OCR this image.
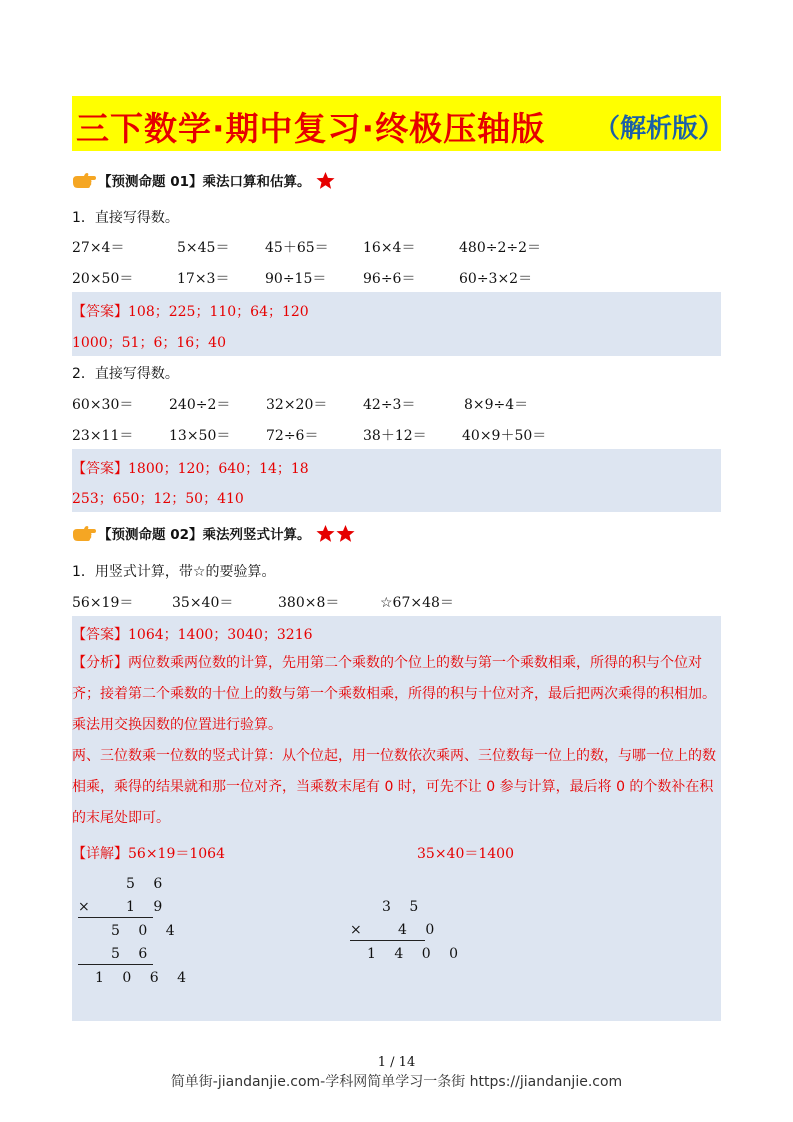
三下数学·期中复习·终极压轴版 （解析版）
【预测命题 01】乘法口算和估算。
1．直接写得数。
27×4＝	5×45＝	45＋65＝ 16×4＝	480÷2÷2＝
20×50＝	17×3＝	90÷15＝	96÷6＝	60÷3×2＝
【答案】108；225；110；64；120
1000；51；6；16；40
2．直接写得数。
60×30＝	240÷2＝	32×20＝	42÷3＝	8×9÷4＝
23×11＝	13×50＝	72÷6＝	38＋12＝	40×9＋50＝
【答案】1800；120；640；14；18
253；650；12；50；410
【预测命题 02】乘法列竖式计算。
1．用竖式计算，带☆的要验算。
56×19＝	35×40＝	380×8＝	☆67×48＝
【答案】1064；1400；3040；3216
【分析】两位数乘两位数的计算，先用第二个乘数的个位上的数与第一个乘数相乘，所得的积与个位对齐；接着第二个乘数的十位上的数与第一个乘数相乘，所得的积与十位对齐，最后把两次乘得的积相加。乘法用交换因数的位置进行验算。
两、三位数乘一位数的竖式计算：从个位起，用一位数依次乘两、三位数每一位上的数，与哪一位上的数相乘，乘得的结果就和那一位对齐，当乘数末尾有 0 时，可先不让 0 参与计算，最后将 0 的个数补在积的末尾处即可。
【详解】56×19＝1064	35×40＝1400
5 6
× 1 9
5 0 4
5 6
1 0 6 4
3 5
× 4 0
1 4 0 0
1 / 14
简单街-jiandanjie.com-学科网简单学习一条街 https://jiandanjie.com
